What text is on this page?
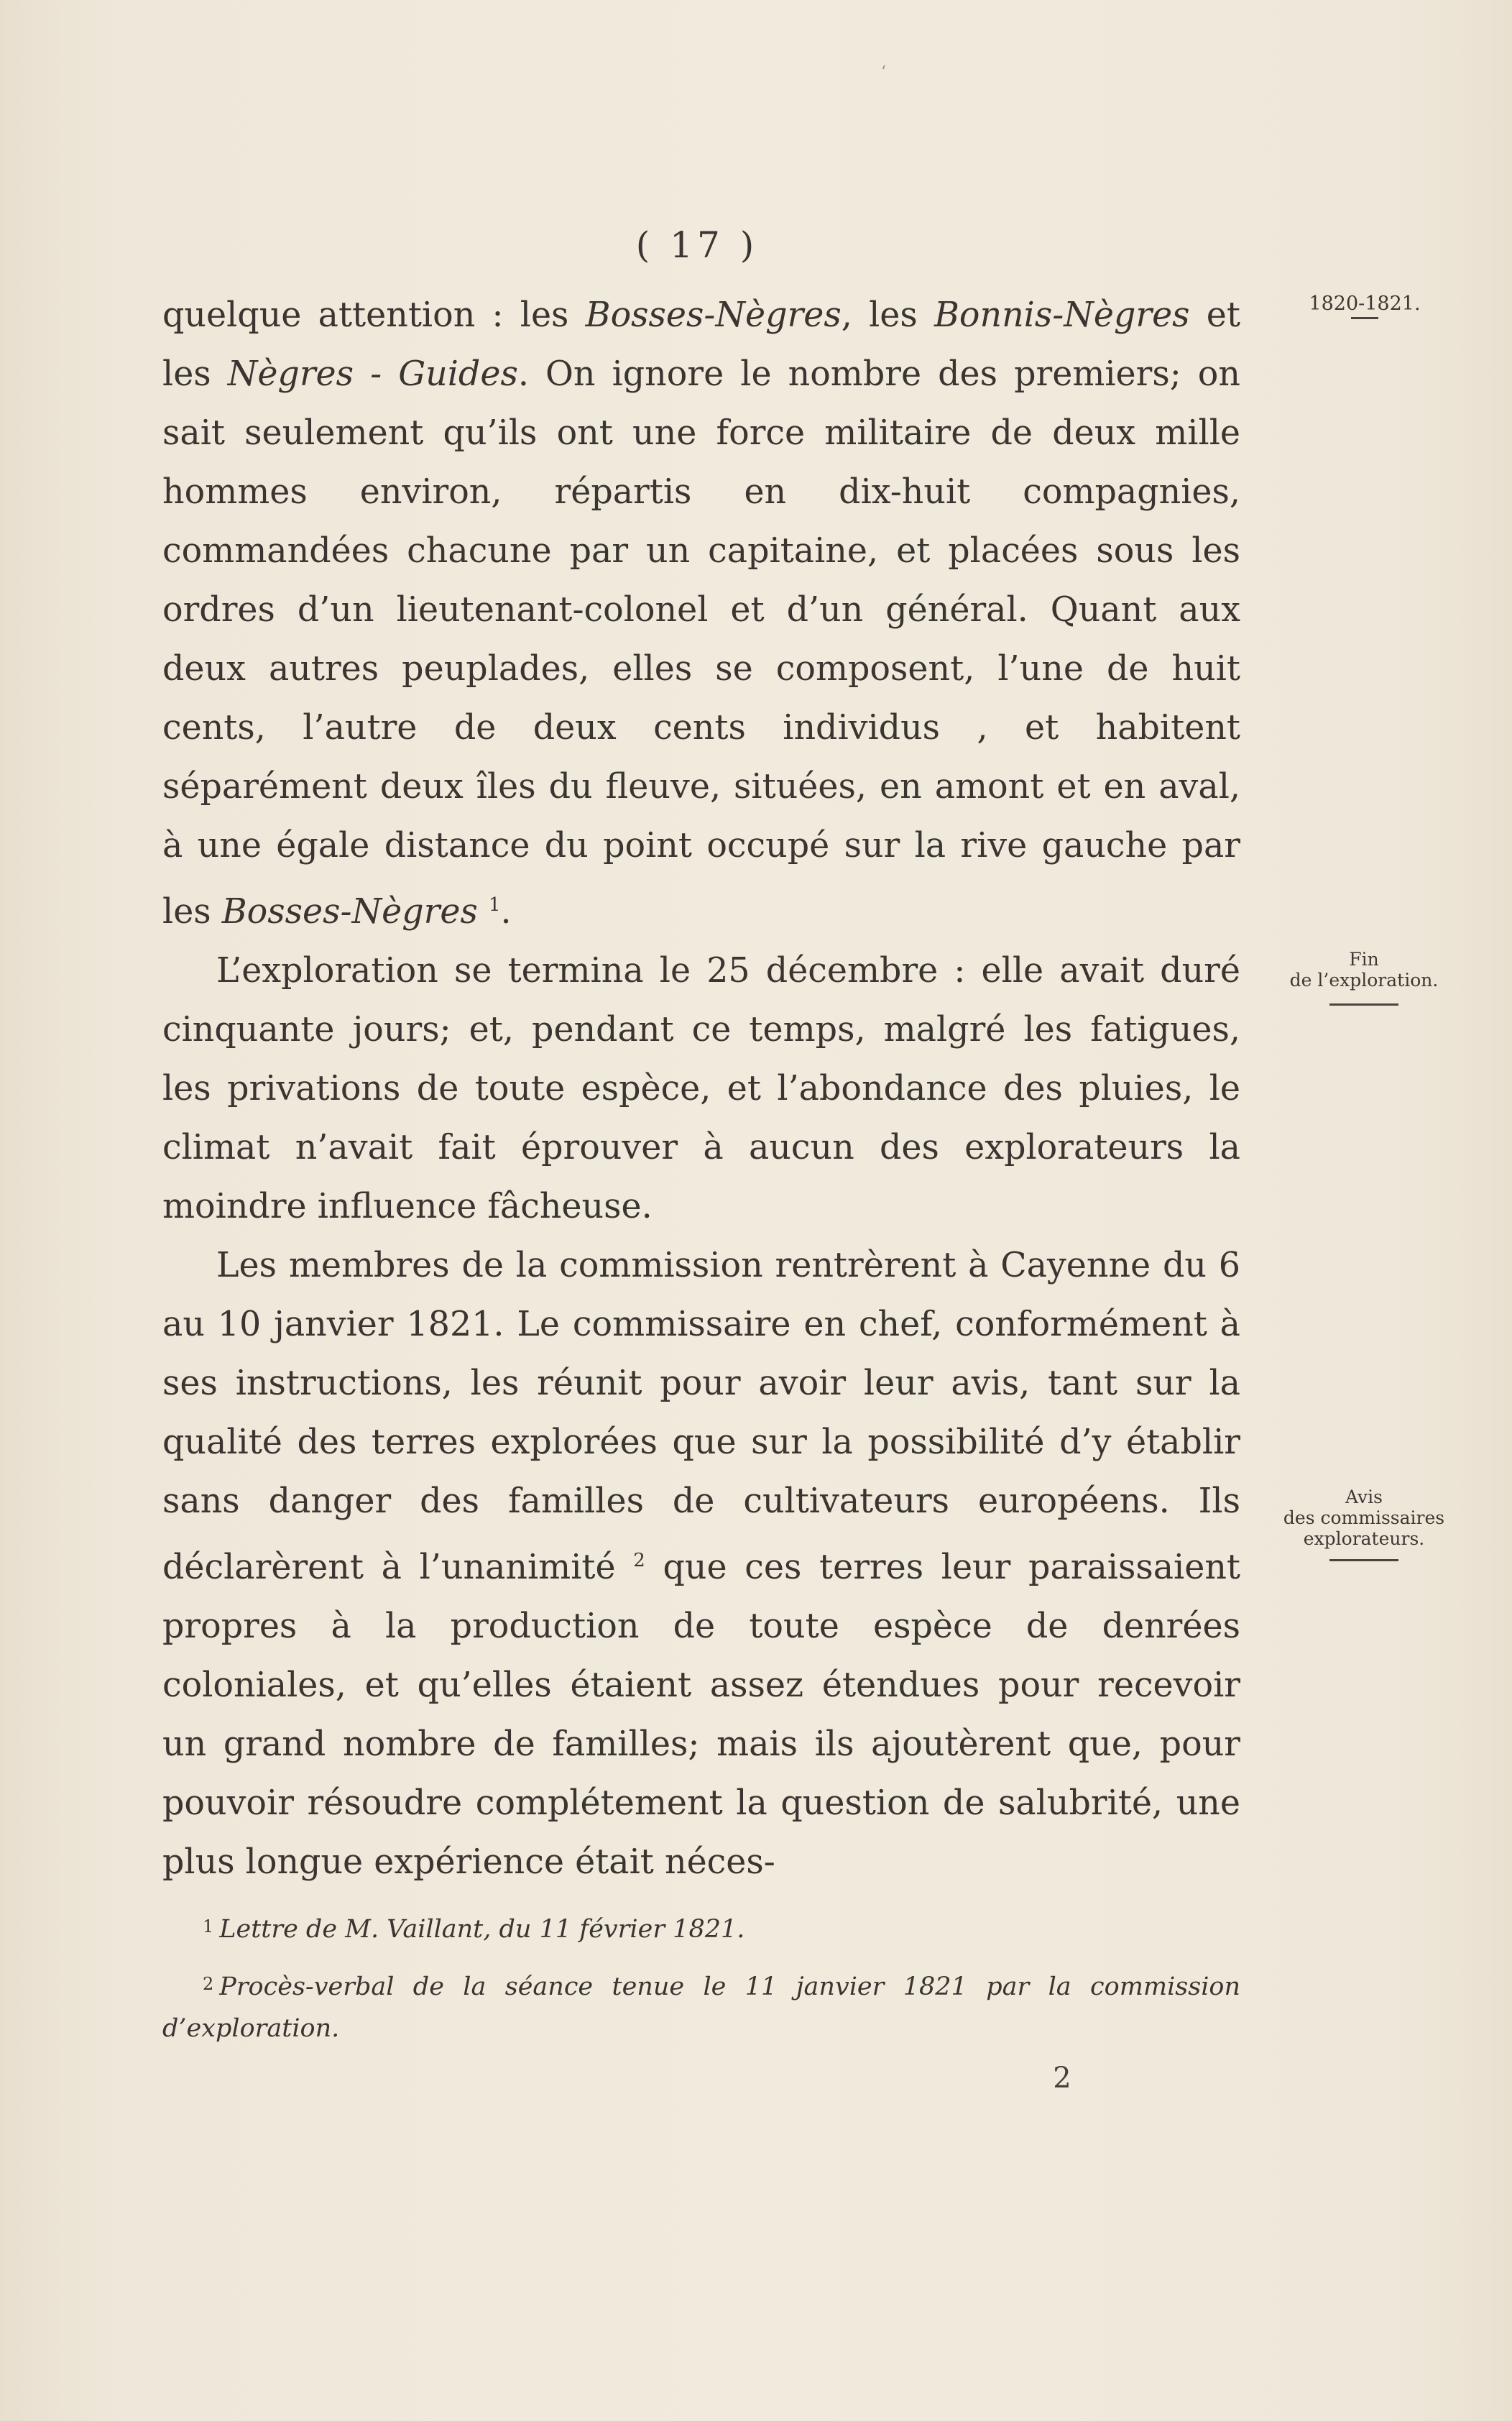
ʻ
( 17 )

quelque attention : les Bosses-Nègres, les Bonnis-Nègres et les Nègres - Guides. On ignore le nombre des premiers; on sait seulement qu’ils ont une force militaire de deux mille hommes environ, répartis en dix-huit compagnies, commandées chacune par un capitaine, et placées sous les ordres d’un lieutenant-colonel et d’un général. Quant aux deux autres peuplades, elles se composent, l’une de huit cents, l’autre de deux cents individus , et habitent séparément deux îles du fleuve, situées, en amont et en aval, à une égale distance du point occupé sur la rive gauche par les Bosses-Nègres $^1$.

L’exploration se termina le 25 décembre : elle avait duré cinquante jours; et, pendant ce temps, malgré les fatigues, les privations de toute espèce, et l’abondance des pluies, le climat n’avait fait éprouver à aucun des explorateurs la moindre influence fâcheuse.

Les membres de la commission rentrèrent à Cayenne du 6 au 10 janvier 1821. Le commissaire en chef, conformément à ses instructions, les réunit pour avoir leur avis, tant sur la qualité des terres explorées que sur la possibilité d’y établir sans danger des familles de cultivateurs européens. Ils déclarèrent à l’unanimité $^2$ que ces terres leur paraissaient propres à la production de toute espèce de denrées coloniales, et qu’elles étaient assez étendues pour recevoir un grand nombre de familles; mais ils ajoutèrent que, pour pouvoir résoudre complétement la question de salubrité, une plus longue expérience était néces-

1820-1821.
Fin
de l’exploration.
Avis
des commissaires
explorateurs.

$^1$ Lettre de M. Vaillant, du 11 février 1821.

$^2$ Procès-verbal de la séance tenue le 11 janvier 1821 par la commission d’exploration.

2
